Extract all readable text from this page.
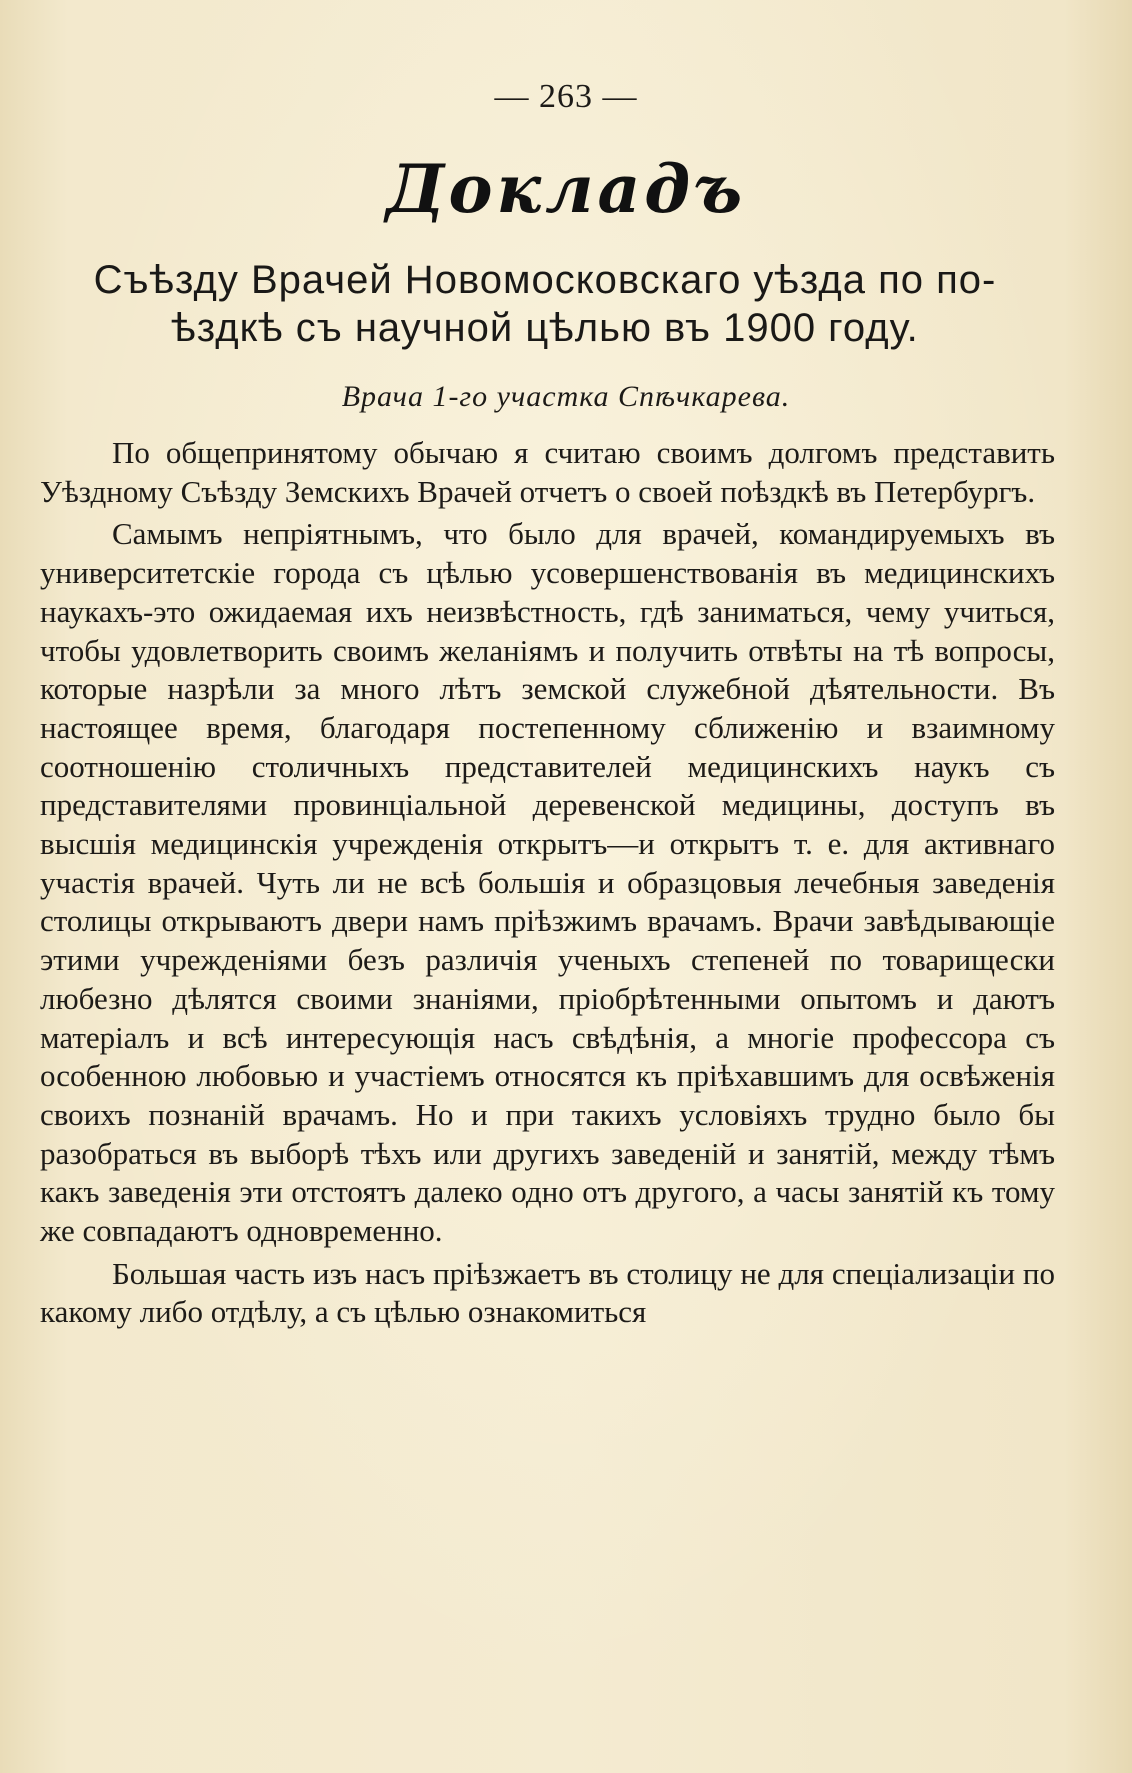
— 263 —
Докладъ
Съѣзду Врачей Новомосковскаго уѣзда по по-
ѣздкѣ съ научной цѣлью въ 1900 году.
Врача 1-го участка Спѣчкарева.

По общепринятому обычаю я считаю своимъ долгомъ представить Уѣздному Съѣзду Земскихъ Врачей отчетъ о своей поѣздкѣ въ Петербургъ.

Самымъ непріятнымъ, что было для врачей, командируемыхъ въ университетскіе города съ цѣлью усовершенствованія въ медицинскихъ наукахъ-это ожидаемая ихъ неизвѣстность, гдѣ заниматься, чему учиться, чтобы удовлетворить своимъ желаніямъ и получить отвѣты на тѣ вопросы, которые назрѣли за много лѣтъ земской служебной дѣятельности. Въ настоящее время, благодаря постепенному сближенію и взаимному соотношенію столичныхъ представителей медицинскихъ наукъ съ представителями провинціальной деревенской медицины, доступъ въ высшія медицинскія учрежденія открытъ—и открытъ т. е. для активнаго участія врачей. Чуть ли не всѣ большія и образцовыя лечебныя заведенія столицы открываютъ двери намъ пріѣзжимъ врачамъ. Врачи завѣдывающіе этими учрежденіями безъ различія ученыхъ степеней по товарищески любезно дѣлятся своими знаніями, пріобрѣтенными опытомъ и даютъ матеріалъ и всѣ интересующія насъ свѣдѣнія, а многіе профессора съ особенною любовью и участіемъ относятся къ пріѣхавшимъ для освѣженія своихъ познаній врачамъ. Но и при такихъ условіяхъ трудно было бы разобраться въ выборѣ тѣхъ или другихъ заведеній и занятій, между тѣмъ какъ заведенія эти отстоятъ далеко одно отъ другого, а часы занятій къ тому же совпадаютъ одновременно.

Большая часть изъ насъ пріѣзжаетъ въ столицу не для спеціализаціи по какому либо отдѣлу, а съ цѣлью ознакомиться
